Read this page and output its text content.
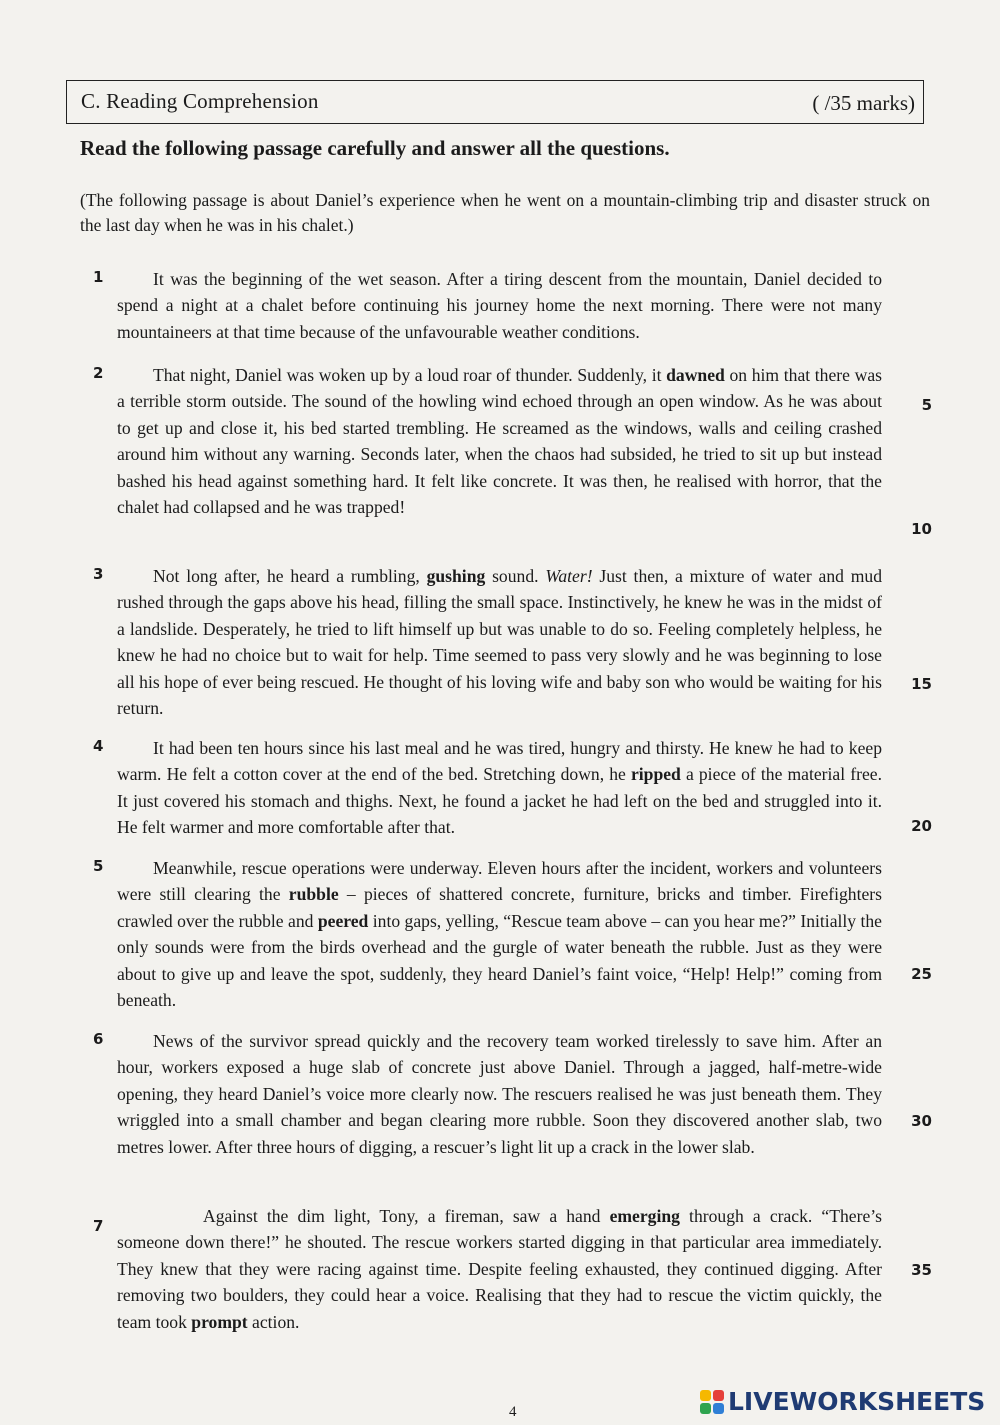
C. Reading Comprehension	( /35 marks)
Read the following passage carefully and answer all the questions.
(The following passage is about Daniel’s experience when he went on a mountain-climbing trip and disaster struck on the last day when he was in his chalet.)
1	It was the beginning of the wet season. After a tiring descent from the mountain, Daniel decided to spend a night at a chalet before continuing his journey home the next morning. There were not many mountaineers at that time because of the unfavourable weather conditions.
2	That night, Daniel was woken up by a loud roar of thunder. Suddenly, it dawned on him that there was a terrible storm outside. The sound of the howling wind echoed through an open window. As he was about to get up and close it, his bed started trembling. He screamed as the windows, walls and ceiling crashed around him without any warning. Seconds later, when the chaos had subsided, he tried to sit up but instead bashed his head against something hard. It felt like concrete. It was then, he realised with horror, that the chalet had collapsed and he was trapped!
5
10
3	Not long after, he heard a rumbling, gushing sound. Water! Just then, a mixture of water and mud rushed through the gaps above his head, filling the small space. Instinctively, he knew he was in the midst of a landslide. Desperately, he tried to lift himself up but was unable to do so. Feeling completely helpless, he knew he had no choice but to wait for help. Time seemed to pass very slowly and he was beginning to lose all his hope of ever being rescued. He thought of his loving wife and baby son who would be waiting for his return.
15
4	It had been ten hours since his last meal and he was tired, hungry and thirsty. He knew he had to keep warm. He felt a cotton cover at the end of the bed. Stretching down, he ripped a piece of the material free. It just covered his stomach and thighs. Next, he found a jacket he had left on the bed and struggled into it. He felt warmer and more comfortable after that.	20
5	Meanwhile, rescue operations were underway. Eleven hours after the incident, workers and volunteers were still clearing the rubble – pieces of shattered concrete, furniture, bricks and timber. Firefighters crawled over the rubble and peered into gaps, yelling, “Rescue team above – can you hear me?” Initially the only sounds were from the birds overhead and the gurgle of water beneath the rubble. Just as they were about to give up and leave the spot, suddenly, they heard Daniel’s faint voice, “Help! Help!” coming from beneath.
25
6	News of the survivor spread quickly and the recovery team worked tirelessly to save him. After an hour, workers exposed a huge slab of concrete just above Daniel. Through a jagged, half-metre-wide opening, they heard Daniel’s voice more clearly now. The rescuers realised he was just beneath them. They wriggled into a small chamber and began clearing more rubble. Soon they discovered another slab, two metres lower. After three hours of digging, a rescuer’s light lit up a crack in the lower slab.
30
7	Against the dim light, Tony, a fireman, saw a hand emerging through a crack. “There’s someone down there!” he shouted. The rescue workers started digging in that particular area immediately. They knew that they were racing against time. Despite feeling exhausted, they continued digging. After removing two boulders, they could hear a voice. Realising that they had to rescue the victim quickly, the team took prompt action.
35
4	LIVEWORKSHEETS
